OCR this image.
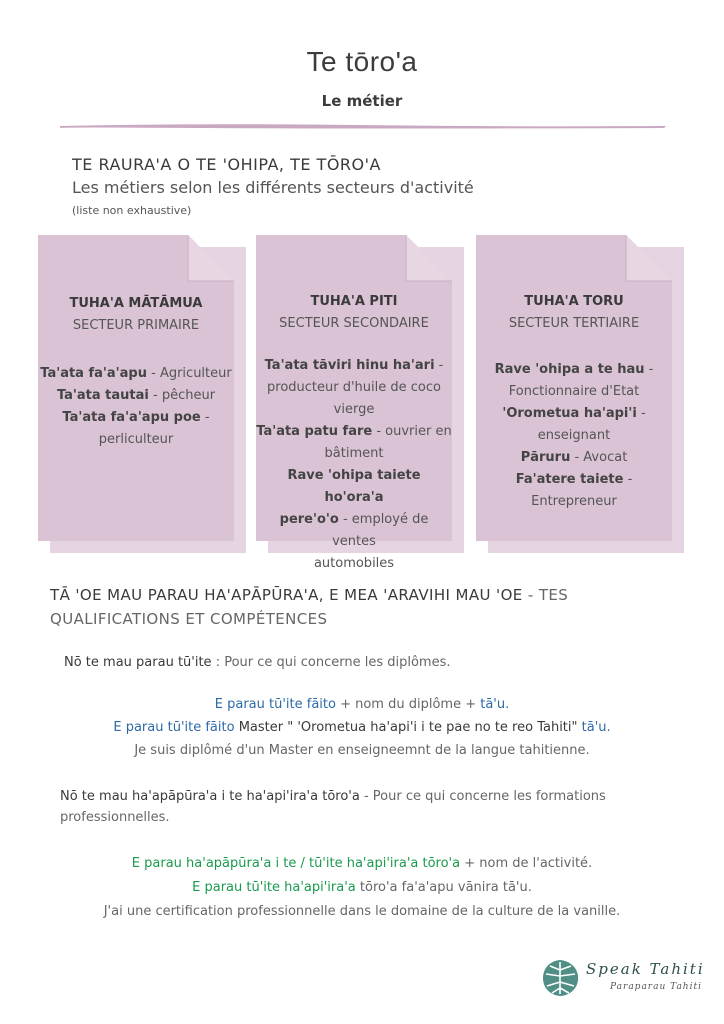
Te tōro'a
Le métier
TE RAURA'A O TE 'OHIPA, TE TŌRO'A
Les métiers selon les différents secteurs d'activité
(liste non exhaustive)
TUHA'A MĀTĀMUA
SECTEUR PRIMAIRE
Ta'ata fa'a'apu - Agriculteur
Ta'ata tautai - pêcheur
Ta'ata fa'a'apu poe -
perliculteur
TUHA'A PITI
SECTEUR SECONDAIRE
Ta'ata tāviri hinu ha'ari -
producteur d'huile de coco
vierge
Ta'ata patu fare - ouvrier en
bâtiment
Rave 'ohipa taiete ho'ora'a
pere'o'o - employé de ventes
automobiles
TUHA'A TORU
SECTEUR TERTIAIRE
Rave 'ohipa a te hau -
Fonctionnaire d'Etat
'Orometua ha'api'i -
enseignant
Pāruru - Avocat
Fa'atere taiete -
Entrepreneur
TĀ 'OE MAU PARAU HA'APĀPŪRA'A, E MEA 'ARAVIHI MAU 'OE - TES
QUALIFICATIONS ET COMPÉTENCES
Nō te mau parau tū'ite : Pour ce qui concerne les diplômes.
E parau tū'ite fāito + nom du diplôme + tā'u.
E parau tū'ite fāito Master " 'Orometua ha'api'i i te pae no te reo Tahiti" tā'u.
Je suis diplômé d'un Master en enseigneemnt de la langue tahitienne.
Nō te mau ha'apāpūra'a i te ha'api'ira'a tōro'a - Pour ce qui concerne les formations
professionnelles.
E parau ha'apāpūra'a i te / tū'ite ha'api'ira'a tōro'a + nom de l'activité.
E parau tū'ite ha'api'ira'a tōro'a fa'a'apu vānira tā'u.
J'ai une certification professionnelle dans le domaine de la culture de la vanille.
Speak Tahiti
Paraparau Tahiti
